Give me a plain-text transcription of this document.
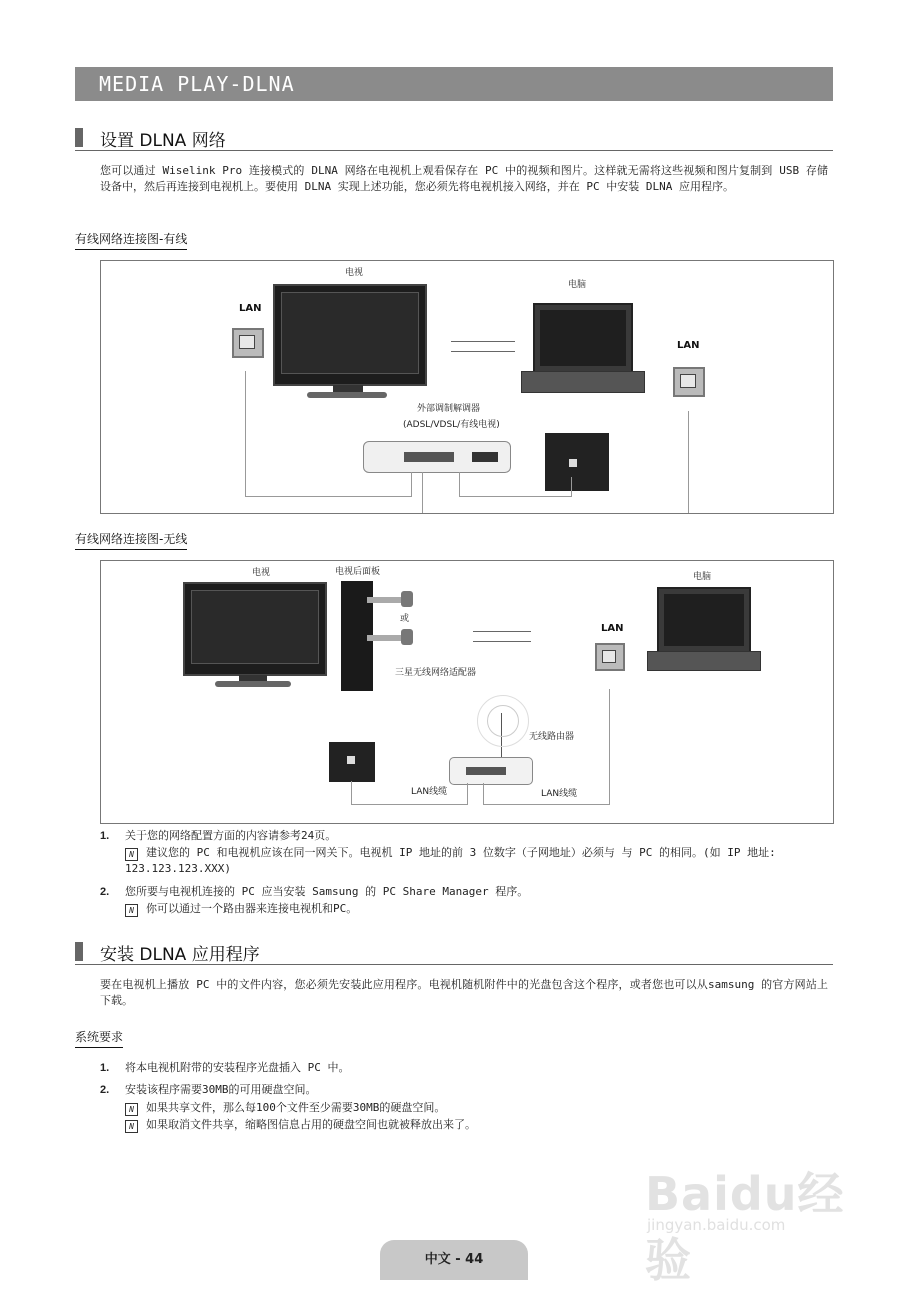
MEDIA PLAY-DLNA
设置 DLNA 网络
您可以通过 Wiselink Pro 连接模式的 DLNA 网络在电视机上观看保存在 PC 中的视频和图片。这样就无需将这些视频和图片复制到 USB 存储设备中，然后再连接到电视机上。要使用 DLNA 实现上述功能，您必须先将电视机接入网络，并在 PC 中安装 DLNA 应用程序。
有线网络连接图-有线
电视
LAN
电脑
LAN
外部调制解调器
(ADSL/VDSL/有线电视)
有线网络连接图-无线
电视	电视后面板
或
三星无线网络适配器
电脑
LAN
无线路由器
LAN线缆	LAN线缆
1. 关于您的网络配置方面的内容请参考24页。
N 建议您的 PC 和电视机应该在同一网关下。电视机 IP 地址的前 3 位数字（子网地址）必须与 与 PC 的相同。(如 IP 地址: 123.123.123.XXX)
2. 您所要与电视机连接的 PC 应当安装 Samsung 的 PC Share Manager 程序。
N 你可以通过一个路由器来连接电视机和PC。
安装 DLNA 应用程序
要在电视机上播放 PC 中的文件内容，您必须先安装此应用程序。电视机随机附件中的光盘包含这个程序，或者您也可以从samsung 的官方网站上下载。
系统要求
1. 将本电视机附带的安装程序光盘插入 PC 中。
2. 安装该程序需要30MB的可用硬盘空间。
N 如果共享文件，那么每100个文件至少需要30MB的硬盘空间。
N 如果取消文件共享，缩略图信息占用的硬盘空间也就被释放出来了。
Baidu经验
jingyan.baidu.com
中文 - 44
